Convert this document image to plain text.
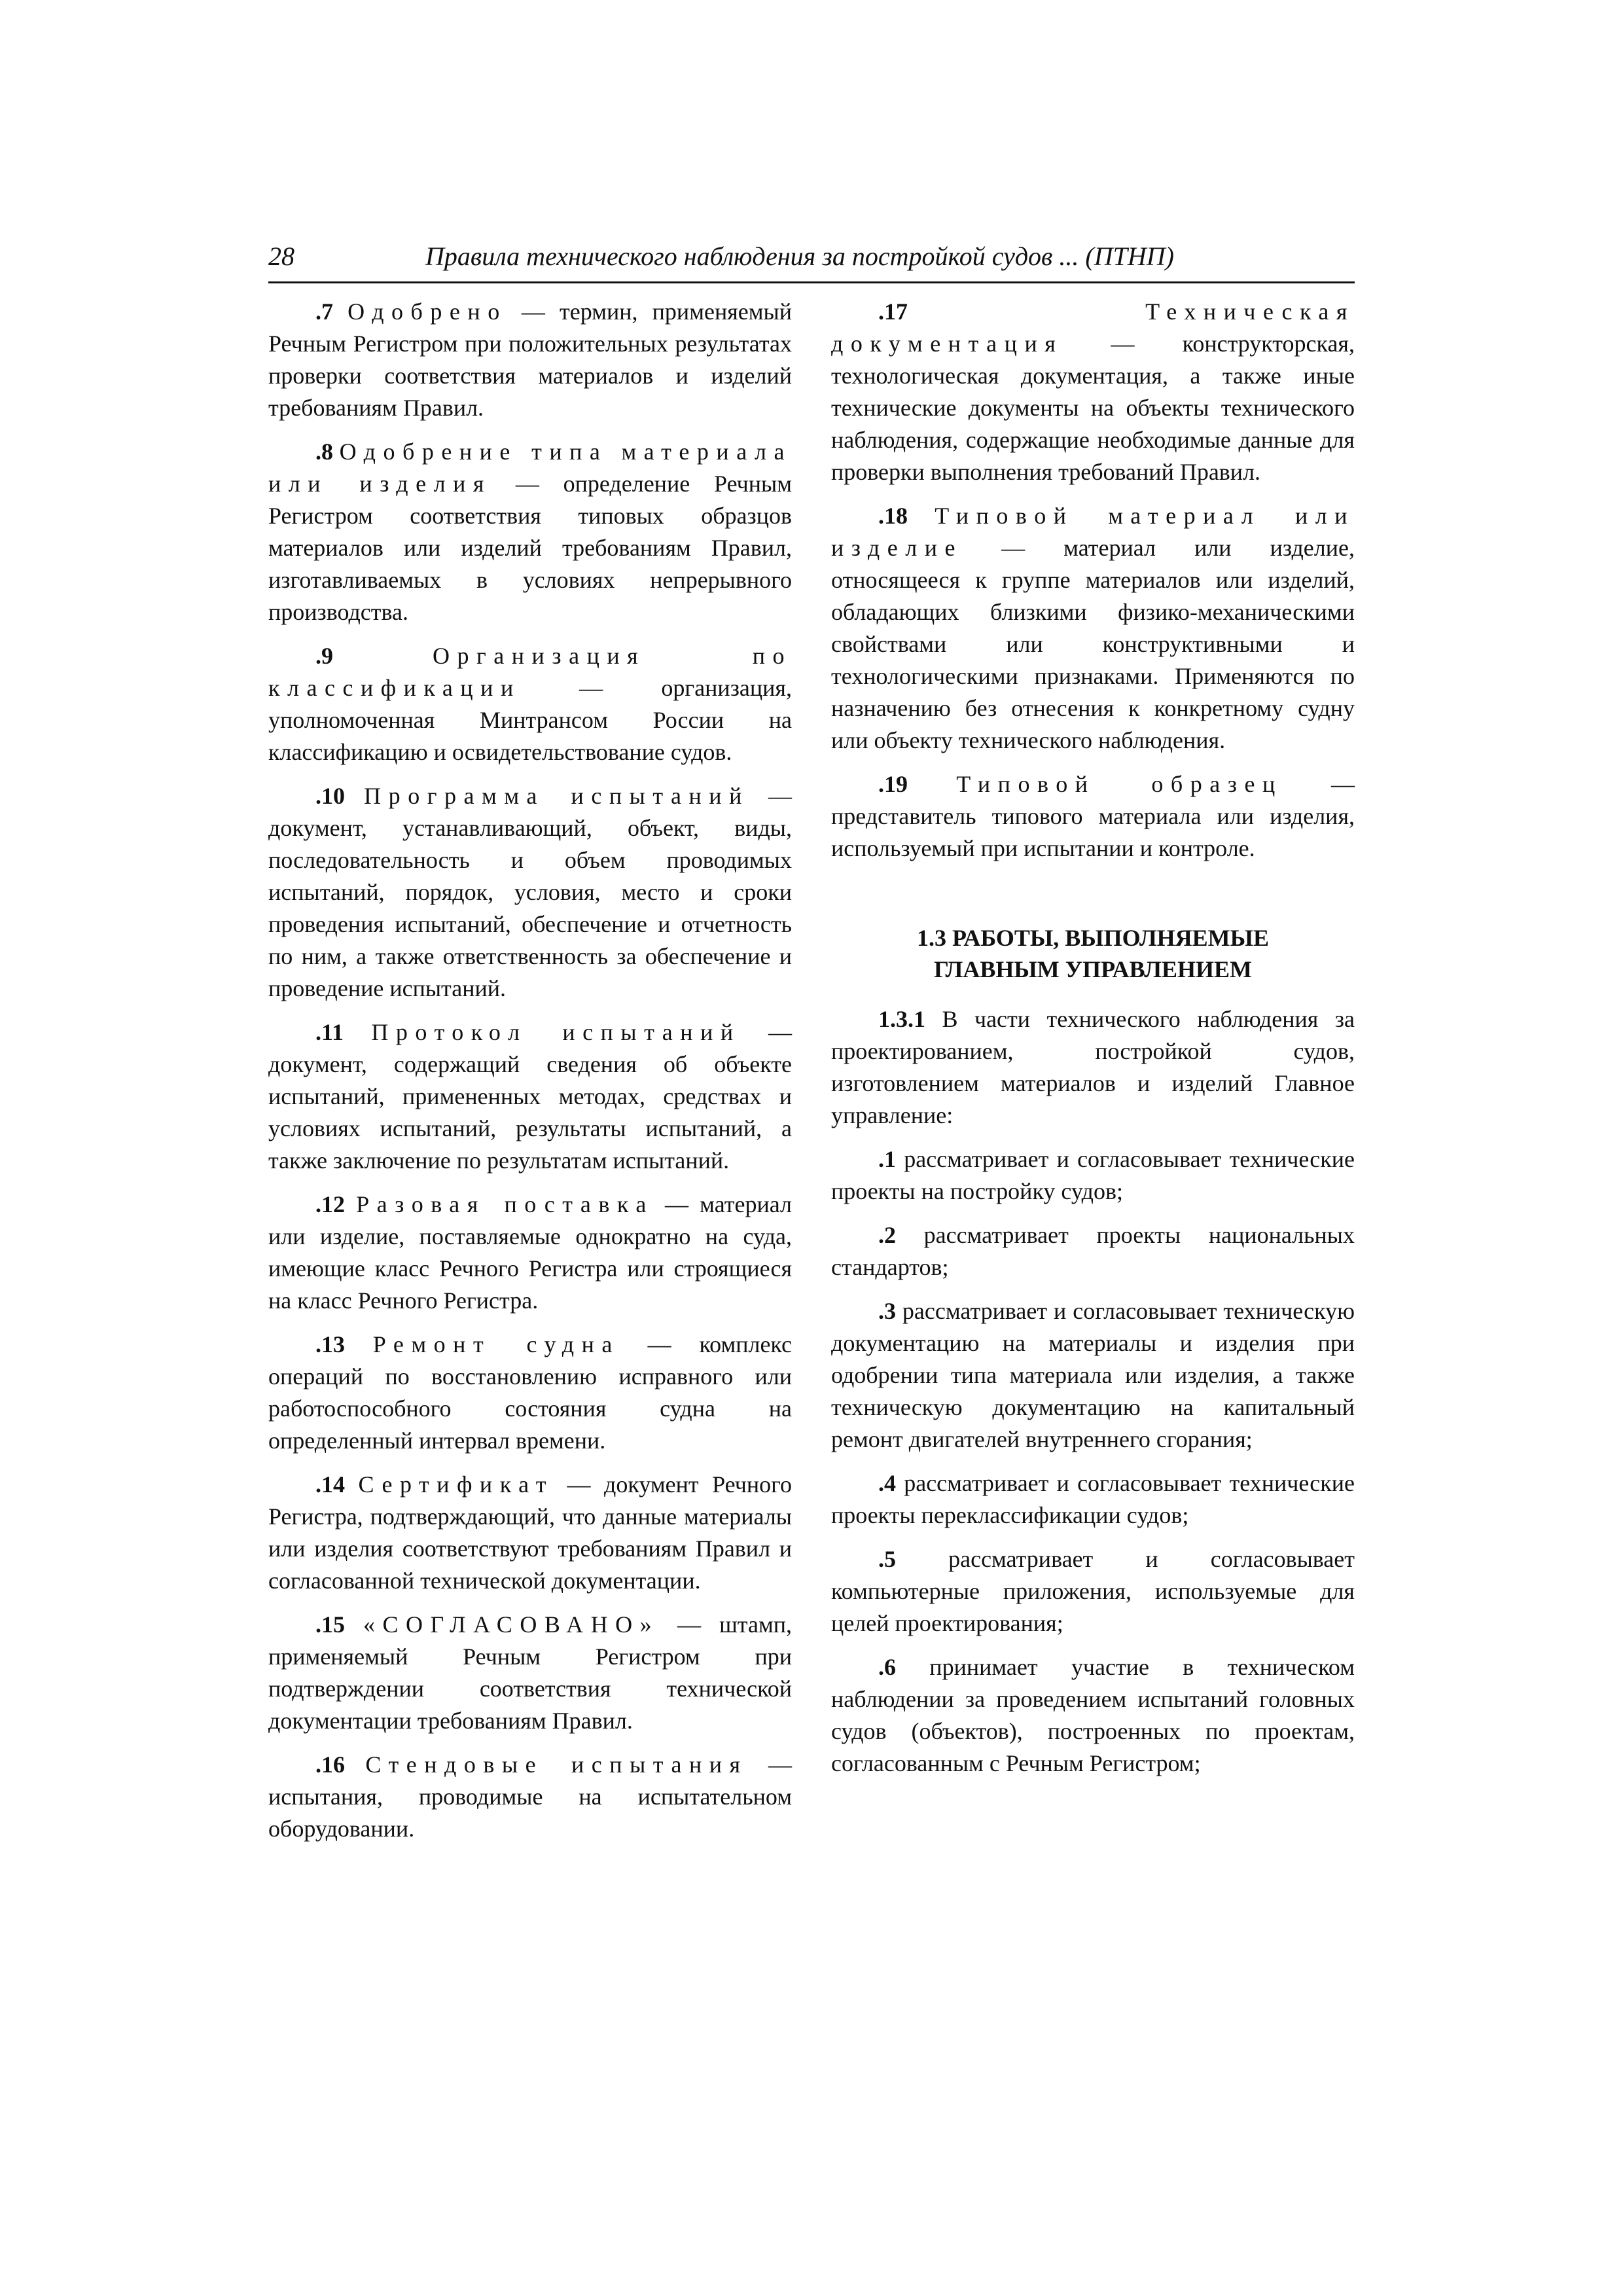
28	Правила технического наблюдения за постройкой судов ... (ПТНП)

.7 Одобрено — термин, применяемый Речным Регистром при положительных результатах проверки соответствия материалов и изделий требованиям Правил.

.8 Одобрение типа материала или изделия — определение Речным Регистром соответствия типовых образцов материалов или изделий требованиям Правил, изготавливаемых в условиях непрерывного производства.

.9	Организация по классификации — организация, уполномоченная Минтрансом России на классификацию и освидетельствование судов.

.10 Программа испытаний — документ, устанавливающий, объект, виды, последовательность и объем проводимых испытаний, порядок, условия, место и сроки проведения испытаний, обеспечение и отчетность по ним, а также ответственность за обеспечение и проведение испытаний.

.11 Протокол испытаний — документ, содержащий сведения об объекте испытаний, примененных методах, средствах и условиях испытаний, результаты испытаний, а также заключение по результатам испытаний.

.12 Разовая поставка — материал или изделие, поставляемые однократно на суда, имеющие класс Речного Регистра или строящиеся на класс Речного Регистра.

.13 Ремонт судна — комплекс операций по восстановлению исправного или работоспособного состояния судна на определенный интервал времени.

.14 Сертификат — документ Речного Регистра, подтверждающий, что данные материалы или изделия соответствуют требованиям Правил и согласованной технической документации.

.15 «СОГЛАСОВАНО» — штамп, применяемый Речным Регистром при подтверждении соответствия технической документации требованиям Правил.

.16 Стендовые испытания — испытания, проводимые на испытательном оборудовании.

.17	Техническая документация — конструкторская, технологическая документация, а также иные технические документы на объекты технического наблюдения, содержащие необходимые данные для проверки выполнения требований Правил.

.18 Типовой материал или изделие — материал или изделие, относящееся к группе материалов или изделий, обладающих близкими физико-механическими свойствами или конструктивными и технологическими признаками. Применяются по назначению без отнесения к конкретному судну или объекту технического наблюдения.

.19 Типовой образец — представитель типового материала или изделия, используемый при испытании и контроле.

1.3 РАБОТЫ, ВЫПОЛНЯЕМЫЕ
ГЛАВНЫМ УПРАВЛЕНИЕМ

1.3.1 В части технического наблюдения за проектированием, постройкой судов, изготовлением материалов и изделий Главное управление:

.1 рассматривает и согласовывает технические проекты на постройку судов;

.2 рассматривает проекты национальных стандартов;

.3 рассматривает и согласовывает техническую документацию на материалы и изделия при одобрении типа материала или изделия, а также техническую документацию на капитальный ремонт двигателей внутреннего сгорания;

.4 рассматривает и согласовывает технические проекты переклассификации судов;

.5 рассматривает и согласовывает компьютерные приложения, используемые для целей проектирования;

.6 принимает участие в техническом наблюдении за проведением испытаний головных судов (объектов), построенных по проектам, согласованным с Речным Регистром;
